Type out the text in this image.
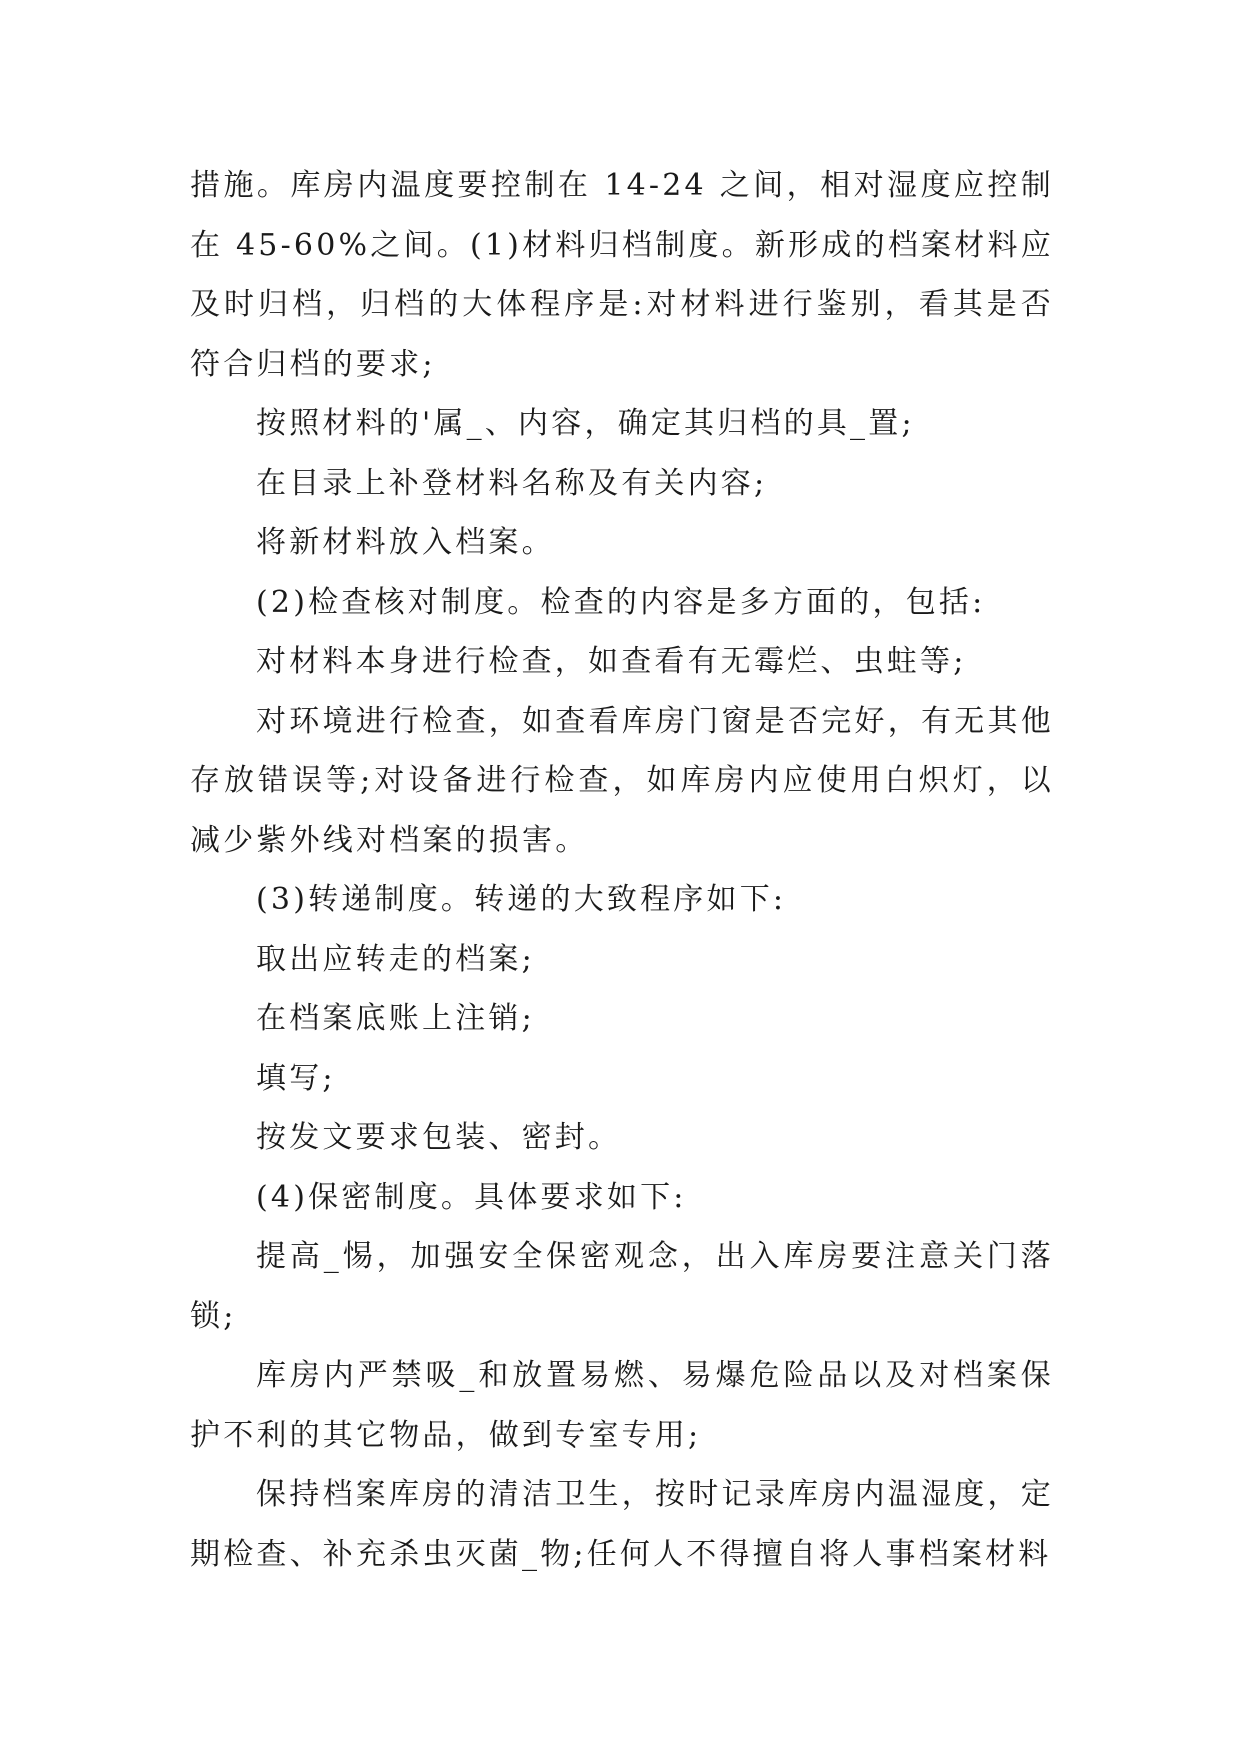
措施。库房内温度要控制在 14-24 之间，相对湿度应控制在 45-60%之间。(1)材料归档制度。新形成的档案材料应及时归档，归档的大体程序是:对材料进行鉴别，看其是否符合归档的要求;

按照材料的'属_、内容，确定其归档的具_置;

在目录上补登材料名称及有关内容;

将新材料放入档案。

(2)检查核对制度。检查的内容是多方面的，包括:

对材料本身进行检查，如查看有无霉烂、虫蛀等;

对环境进行检查，如查看库房门窗是否完好，有无其他存放错误等;对设备进行检查，如库房内应使用白炽灯，以减少紫外线对档案的损害。

(3)转递制度。转递的大致程序如下:

取出应转走的档案;

在档案底账上注销;

填写;

按发文要求包装、密封。

(4)保密制度。具体要求如下:

提高_惕，加强安全保密观念，出入库房要注意关门落锁;

库房内严禁吸_和放置易燃、易爆危险品以及对档案保护不利的其它物品，做到专室专用;

保持档案库房的清洁卫生，按时记录库房内温湿度，定期检查、补充杀虫灭菌_物;任何人不得擅自将人事档案材料
